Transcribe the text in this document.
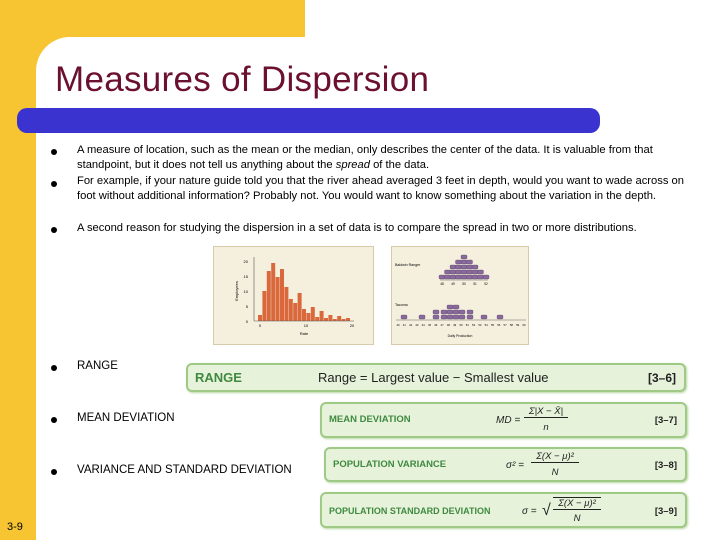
Measures of Dispersion
A measure of location, such as the mean or the median, only describes the center of the data. It is valuable from that standpoint, but it does not tell us anything about the spread of the data.
For example, if your nature guide told you that the river ahead averaged 3 feet in depth, would you want to wade across on foot without additional information? Probably not. You would want to know something about the variation in the depth.
A second reason for studying the dispersion in a set of data is to compare the spread in two or more distributions.
20
15
10
5
0
0	10	20
Rate
Employees
Baldwin Ranger
48 49 50 51 52
Tacoma
40 41 42 43 44 45 46 47 48 49 50 51 52 53 54 55 56 57 58 59 60
Daily Production
RANGE
MEAN DEVIATION
VARIANCE AND STANDARD DEVIATION
RANGE	Range = Largest value − Smallest value	[3–6]
MEAN DEVIATION	MD =
Σ|X − X̄|
n
[3–7]
POPULATION VARIANCE	σ² =
Σ(X − μ)²
N
[3–8]
POPULATION STANDARD DEVIATION	σ = √ Σ(X − μ)²
N
[3–9]
3-9
